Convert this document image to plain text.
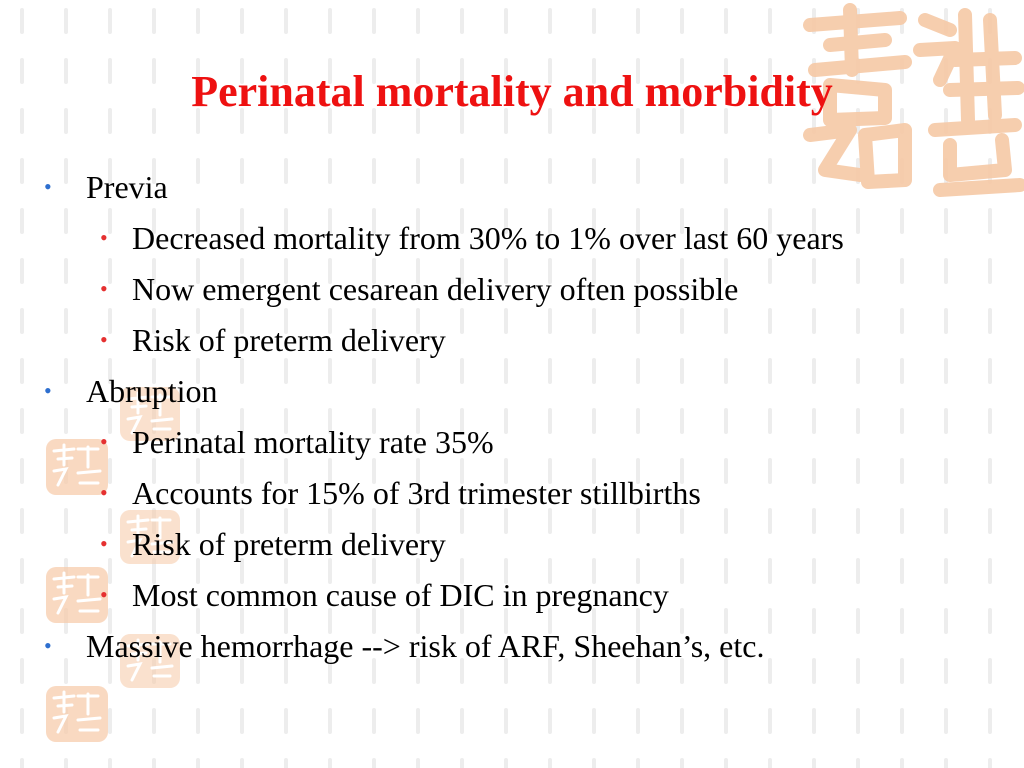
Perinatal mortality and morbidity
• Previa
• Decreased mortality from 30% to 1% over last 60 years
• Now emergent cesarean delivery often possible
• Risk of preterm delivery
• Abruption
• Perinatal mortality rate 35%
• Accounts for 15% of 3rd trimester stillbirths
• Risk of preterm delivery
• Most common cause of DIC in pregnancy
• Massive hemorrhage --> risk of ARF, Sheehan’s, etc.
